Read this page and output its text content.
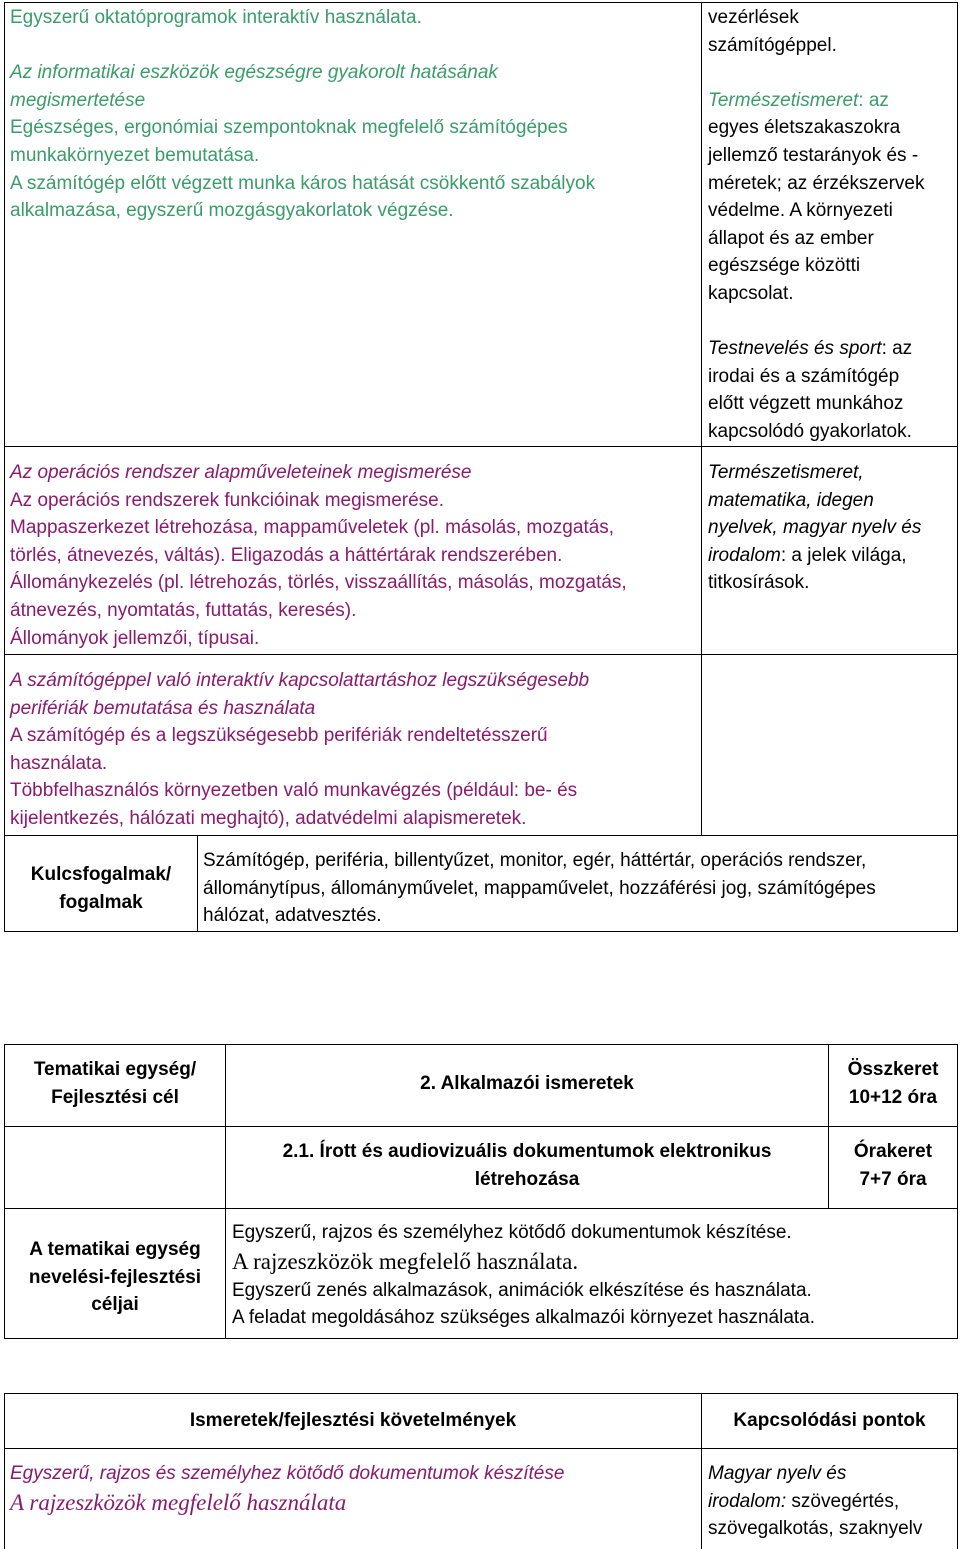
Egyszerű oktatóprogramok interaktív használata.

Az informatikai eszközök egészségre gyakorolt hatásának
megismertetése
Egészséges, ergonómiai szempontoknak megfelelő számítógépes
munkakörnyezet bemutatása.
A számítógép előtt végzett munka káros hatását csökkentő szabályok
alkalmazása, egyszerű mozgásgyakorlatok végzése.
vezérlések
számítógéppel.

Természetismeret: az
egyes életszakaszokra
jellemző testarányok és -
méretek; az érzékszervek
védelme. A környezeti
állapot és az ember
egészsége közötti
kapcsolat.

Testnevelés és sport: az
irodai és a számítógép
előtt végzett munkához
kapcsolódó gyakorlatok.
Az operációs rendszer alapműveleteinek megismerése
Az operációs rendszerek funkcióinak megismerése.
Mappaszerkezet létrehozása, mappaműveletek (pl. másolás, mozgatás,
törlés, átnevezés, váltás). Eligazodás a háttértárak rendszerében.
Állománykezelés (pl. létrehozás, törlés, visszaállítás, másolás, mozgatás,
átnevezés, nyomtatás, futtatás, keresés).
Állományok jellemzői, típusai.
Természetismeret,
matematika, idegen
nyelvek, magyar nyelv és
irodalom: a jelek világa,
titkosírások.
A számítógéppel való interaktív kapcsolattartáshoz legszükségesebb
perifériák bemutatása és használata
A számítógép és a legszükségesebb perifériák rendeltetésszerű
használata.
Többfelhasználós környezetben való munkavégzés (például: be- és
kijelentkezés, hálózati meghajtó), adatvédelmi alapismeretek.
Kulcsfogalmak/
fogalmak
Számítógép, periféria, billentyűzet, monitor, egér, háttértár, operációs rendszer,
állománytípus, állományművelet, mappaművelet, hozzáférési jog, számítógépes
hálózat, adatvesztés.
Tematikai egység/
Fejlesztési cél
2. Alkalmazói ismeretek
Összkeret
10+12 óra
2.1. Írott és audiovizuális dokumentumok elektronikus
létrehozása
Órakeret
7+7 óra
A tematikai egység
nevelési-fejlesztési
céljai
Egyszerű, rajzos és személyhez kötődő dokumentumok készítése.
A rajzeszközök megfelelő használata.
Egyszerű zenés alkalmazások, animációk elkészítése és használata.
A feladat megoldásához szükséges alkalmazói környezet használata.
Ismeretek/fejlesztési követelmények	Kapcsolódási pontok
Egyszerű, rajzos és személyhez kötődő dokumentumok készítése
A rajzeszközök megfelelő használata
Magyar nyelv és
irodalom: szövegértés,
szövegalkotás, szaknyelv
